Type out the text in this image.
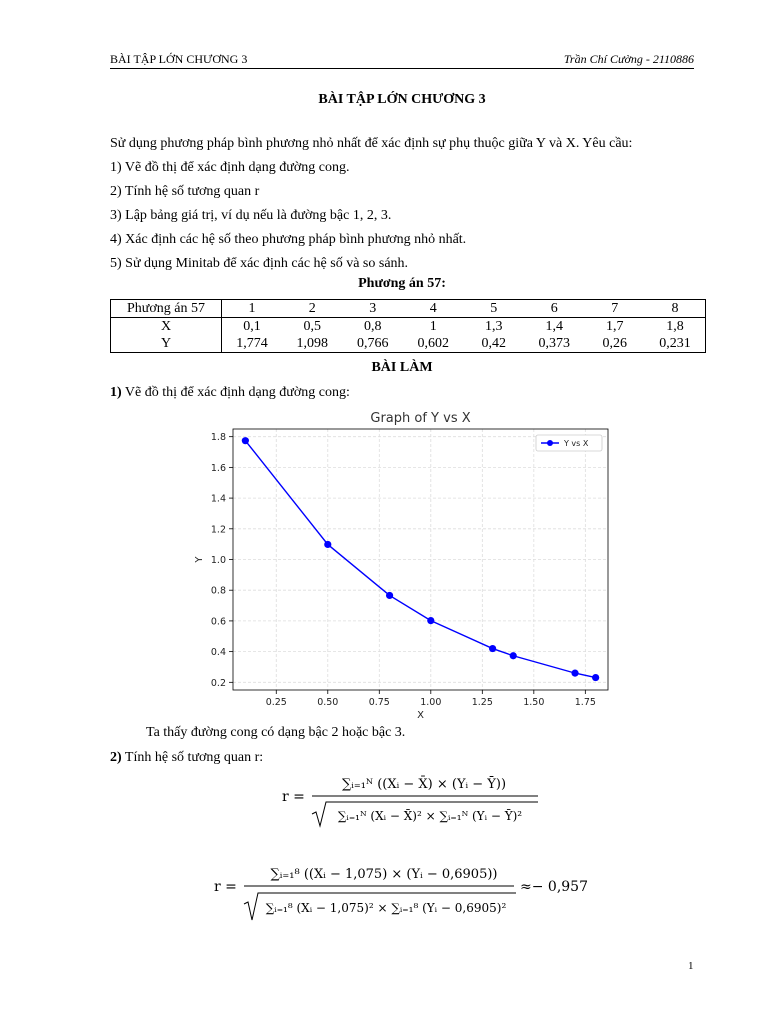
BÀI TẬP LỚN CHƯƠNG 3	Trần Chí Cường - 2110886
BÀI TẬP LỚN CHƯƠNG 3

Sử dụng phương pháp bình phương nhỏ nhất để xác định sự phụ thuộc giữa Y và X. Yêu cầu:

1) Vẽ đồ thị để xác định dạng đường cong.

2) Tính hệ số tương quan r

3) Lập bảng giá trị, ví dụ nếu là đường bậc 1, 2, 3.

4) Xác định các hệ số theo phương pháp bình phương nhỏ nhất.

5) Sử dụng Minitab để xác định các hệ số và so sánh.

Phương án 57:
Phương án 57	1	2	3	4	5	6	7	8
X	0,1	0,5	0,8	1	1,3	1,4	1,7	1,8
Y	1,774	1,098	0,766	0,602	0,42	0,373	0,26	0,231
BÀI LÀM
1) Vẽ đồ thị để xác định dạng đường cong:
0.25	0.50	0.75	1.00	1.25	1.50	1.75
0.2
0.4
0.6
0.8
1.0
1.2
1.4
1.6
1.8
Graph of Y vs X
X
Y
Y vs X
Ta thấy đường cong có dạng bậc 2 hoặc bậc 3.
2) Tính hệ số tương quan r:
r =
∑ᵢ₌₁ᴺ ((Xᵢ − X̄) × (Yᵢ − Ȳ))
∑ᵢ₌₁ᴺ (Xᵢ − X̄)² × ∑ᵢ₌₁ᴺ (Yᵢ − Ȳ)²
r =
∑ᵢ₌₁⁸ ((Xᵢ − 1,075) × (Yᵢ − 0,6905))
∑ᵢ₌₁⁸ (Xᵢ − 1,075)² × ∑ᵢ₌₁⁸ (Yᵢ − 0,6905)²
≈− 0,957
1
